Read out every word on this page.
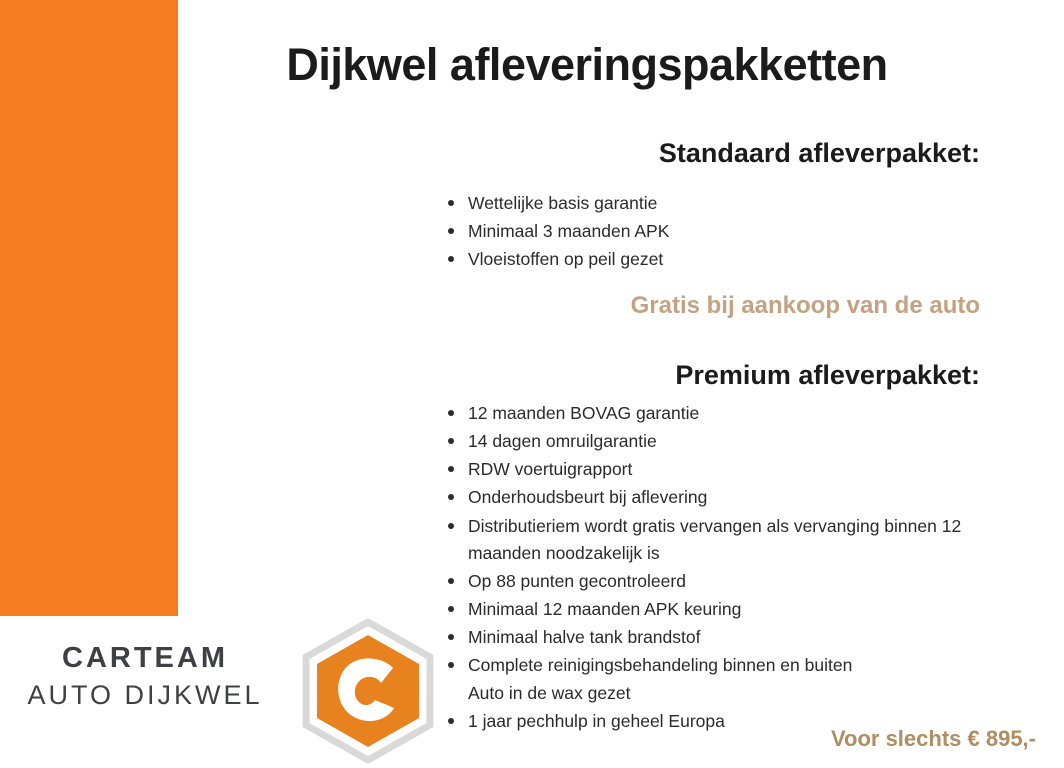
Dijkwel afleveringspakketten
Standaard afleverpakket:
Wettelijke basis garantie
Minimaal 3 maanden APK
Vloeistoffen op peil gezet
Gratis bij aankoop van de auto
Premium afleverpakket:
12 maanden BOVAG garantie
14 dagen omruilgarantie
RDW voertuigrapport
Onderhoudsbeurt bij aflevering
Distributieriem wordt gratis vervangen als vervanging binnen 12 maanden noodzakelijk is
Op 88 punten gecontroleerd
Minimaal 12 maanden APK keuring
Minimaal halve tank brandstof
Complete reinigingsbehandeling binnen en buiten
Auto in de wax gezet
1 jaar pechhulp in geheel Europa
Voor slechts € 895,-
CARTEAM
AUTO DIJKWEL
